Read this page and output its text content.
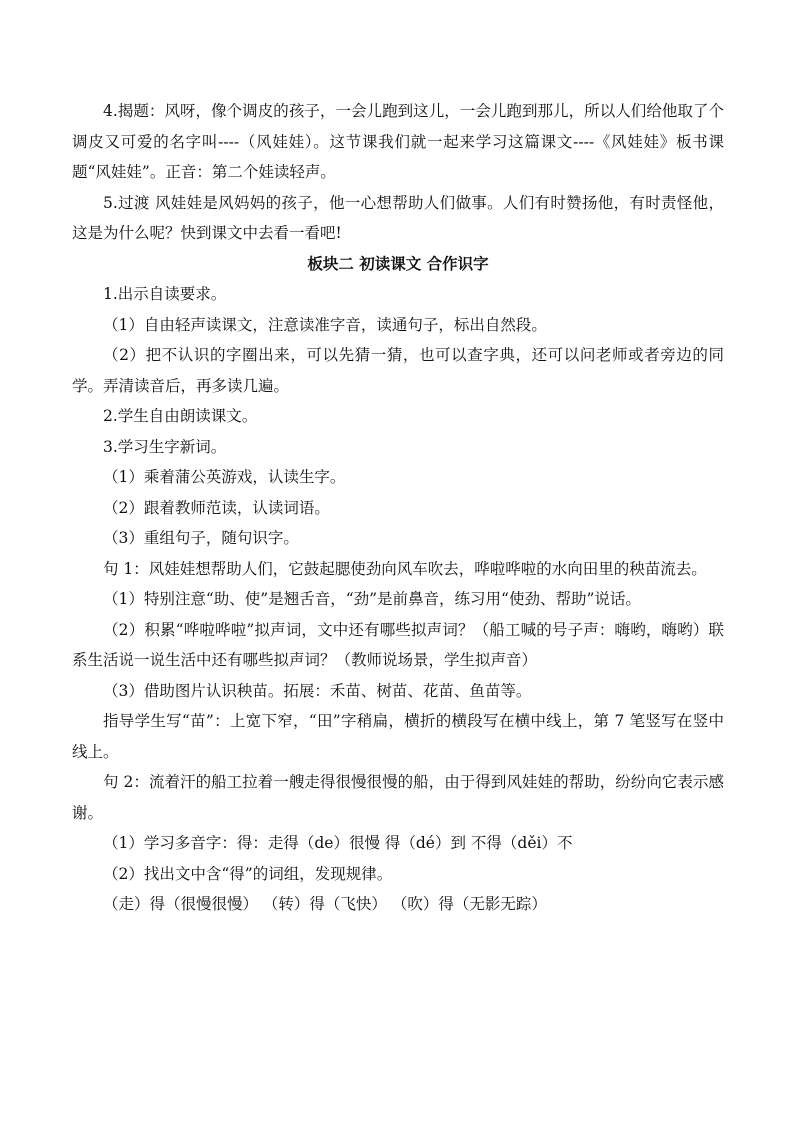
4.揭题：风呀，像个调皮的孩子，一会儿跑到这儿，一会儿跑到那儿，所以人们给他取了个调皮又可爱的名字叫----（风娃娃）。这节课我们就一起来学习这篇课文----《风娃娃》板书课题“风娃娃”。正音：第二个娃读轻声。

5.过渡 风娃娃是风妈妈的孩子，他一心想帮助人们做事。人们有时赞扬他，有时责怪他，这是为什么呢？快到课文中去看一看吧!

板块二 初读课文 合作识字

1.出示自读要求。

（1）自由轻声读课文，注意读准字音，读通句子，标出自然段。

（2）把不认识的字圈出来，可以先猜一猜，也可以查字典，还可以问老师或者旁边的同学。弄清读音后，再多读几遍。

2.学生自由朗读课文。

3.学习生字新词。

（1）乘着蒲公英游戏，认读生字。

（2）跟着教师范读，认读词语。

（3）重组句子，随句识字。

句 1：风娃娃想帮助人们，它鼓起腮使劲向风车吹去，哗啦哗啦的水向田里的秧苗流去。

（1）特别注意“助、使”是翘舌音，“劲”是前鼻音，练习用“使劲、帮助”说话。

（2）积累“哗啦哗啦”拟声词，文中还有哪些拟声词？（船工喊的号子声：嗨哟，嗨哟）联系生活说一说生活中还有哪些拟声词？（教师说场景，学生拟声音）

（3）借助图片认识秧苗。拓展：禾苗、树苗、花苗、鱼苗等。

指导学生写“苗”：上宽下窄，“田”字稍扁，横折的横段写在横中线上，第 7 笔竖写在竖中线上。

句 2：流着汗的船工拉着一艘走得很慢很慢的船，由于得到风娃娃的帮助，纷纷向它表示感谢。

（1）学习多音字：得：走得（de）很慢 得（dé）到 不得（děi）不

（2）找出文中含“得”的词组，发现规律。

（走）得（很慢很慢） （转）得（飞快） （吹）得（无影无踪）
